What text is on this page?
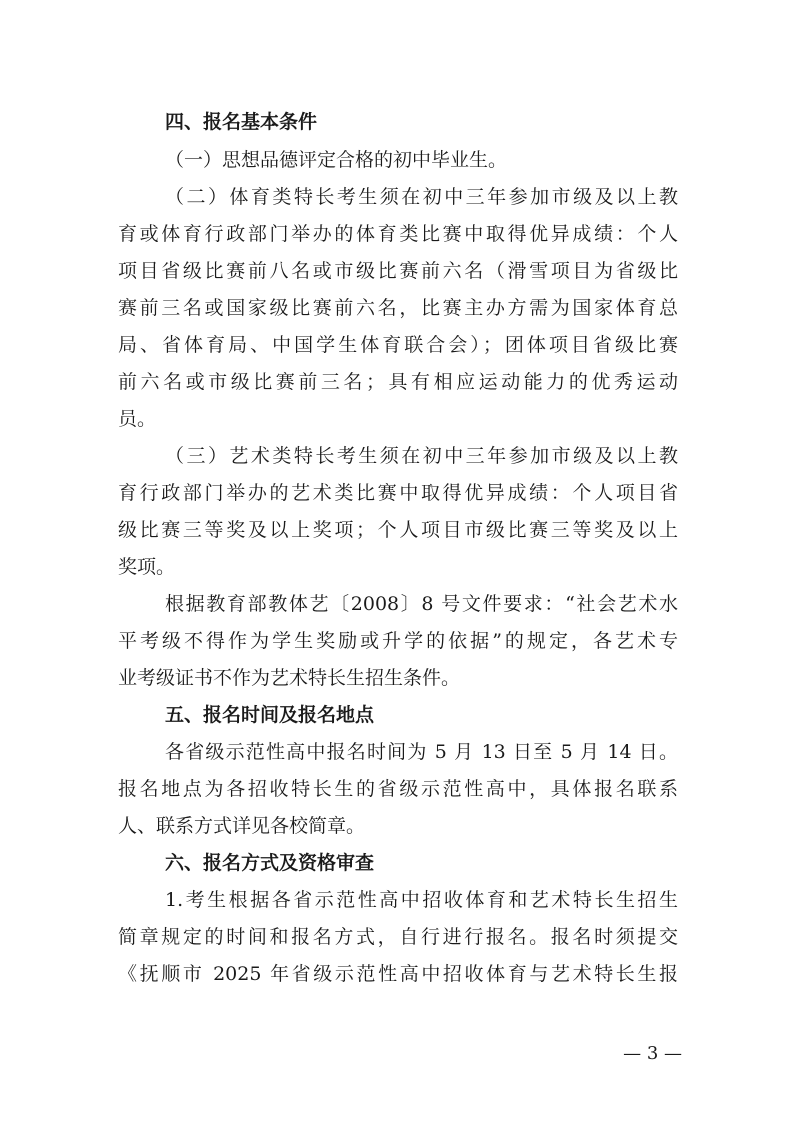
四、报名基本条件
（一）思想品德评定合格的初中毕业生。
（二）体育类特长考生须在初中三年参加市级及以上教
育或体育行政部门举办的体育类比赛中取得优异成绩：个人
项目省级比赛前八名或市级比赛前六名（滑雪项目为省级比
赛前三名或国家级比赛前六名，比赛主办方需为国家体育总
局、省体育局、中国学生体育联合会）；团体项目省级比赛
前六名或市级比赛前三名；具有相应运动能力的优秀运动
员。
（三）艺术类特长考生须在初中三年参加市级及以上教
育行政部门举办的艺术类比赛中取得优异成绩：个人项目省
级比赛三等奖及以上奖项；个人项目市级比赛三等奖及以上
奖项。
根据教育部教体艺〔2008〕8 号文件要求：“社会艺术水
平考级不得作为学生奖励或升学的依据”的规定，各艺术专
业考级证书不作为艺术特长生招生条件。
五、报名时间及报名地点
各省级示范性高中报名时间为 5 月 13 日至 5 月 14 日。
报名地点为各招收特长生的省级示范性高中，具体报名联系
人、联系方式详见各校简章。
六、报名方式及资格审查
1.考生根据各省示范性高中招收体育和艺术特长生招生
简章规定的时间和报名方式，自行进行报名。报名时须提交
《抚顺市 2025 年省级示范性高中招收体育与艺术特长生报
— 3 —
